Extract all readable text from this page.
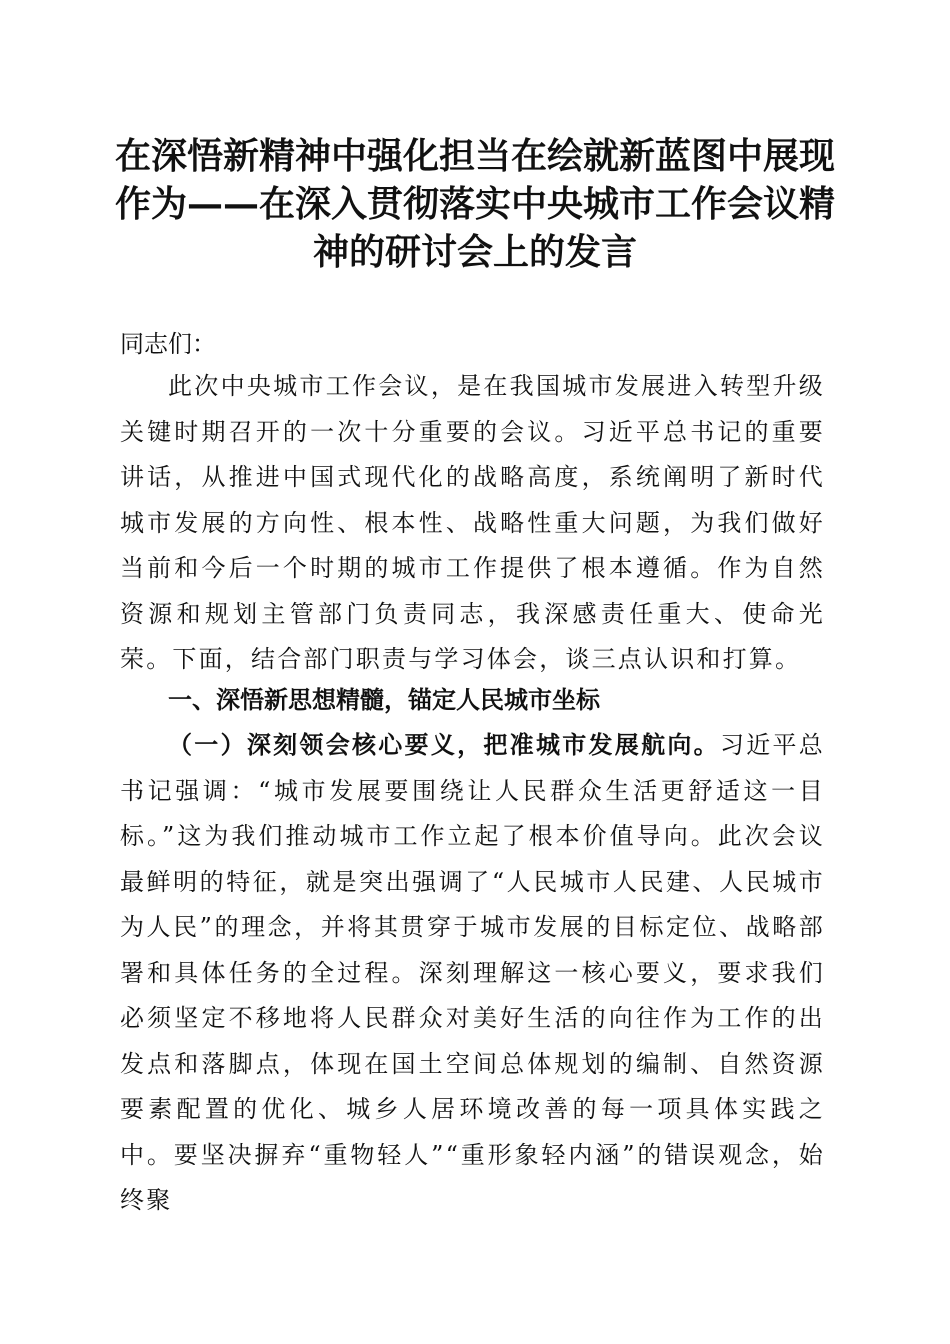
在深悟新精神中强化担当在绘就新蓝图中展现作为——在深入贯彻落实中央城市工作会议精神的研讨会上的发言

同志们：

此次中央城市工作会议，是在我国城市发展进入转型升级关键时期召开的一次十分重要的会议。习近平总书记的重要讲话，从推进中国式现代化的战略高度，系统阐明了新时代城市发展的方向性、根本性、战略性重大问题，为我们做好当前和今后一个时期的城市工作提供了根本遵循。作为自然资源和规划主管部门负责同志，我深感责任重大、使命光荣。下面，结合部门职责与学习体会，谈三点认识和打算。

一、深悟新思想精髓，锚定人民城市坐标

（一）深刻领会核心要义，把准城市发展航向。习近平总书记强调：“城市发展要围绕让人民群众生活更舒适这一目标。”这为我们推动城市工作立起了根本价值导向。此次会议最鲜明的特征，就是突出强调了“人民城市人民建、人民城市为人民”的理念，并将其贯穿于城市发展的目标定位、战略部署和具体任务的全过程。深刻理解这一核心要义，要求我们必须坚定不移地将人民群众对美好生活的向往作为工作的出发点和落脚点，体现在国土空间总体规划的编制、自然资源要素配置的优化、城乡人居环境改善的每一项具体实践之中。要坚决摒弃“重物轻人”“重形象轻内涵”的错误观念，始终聚
